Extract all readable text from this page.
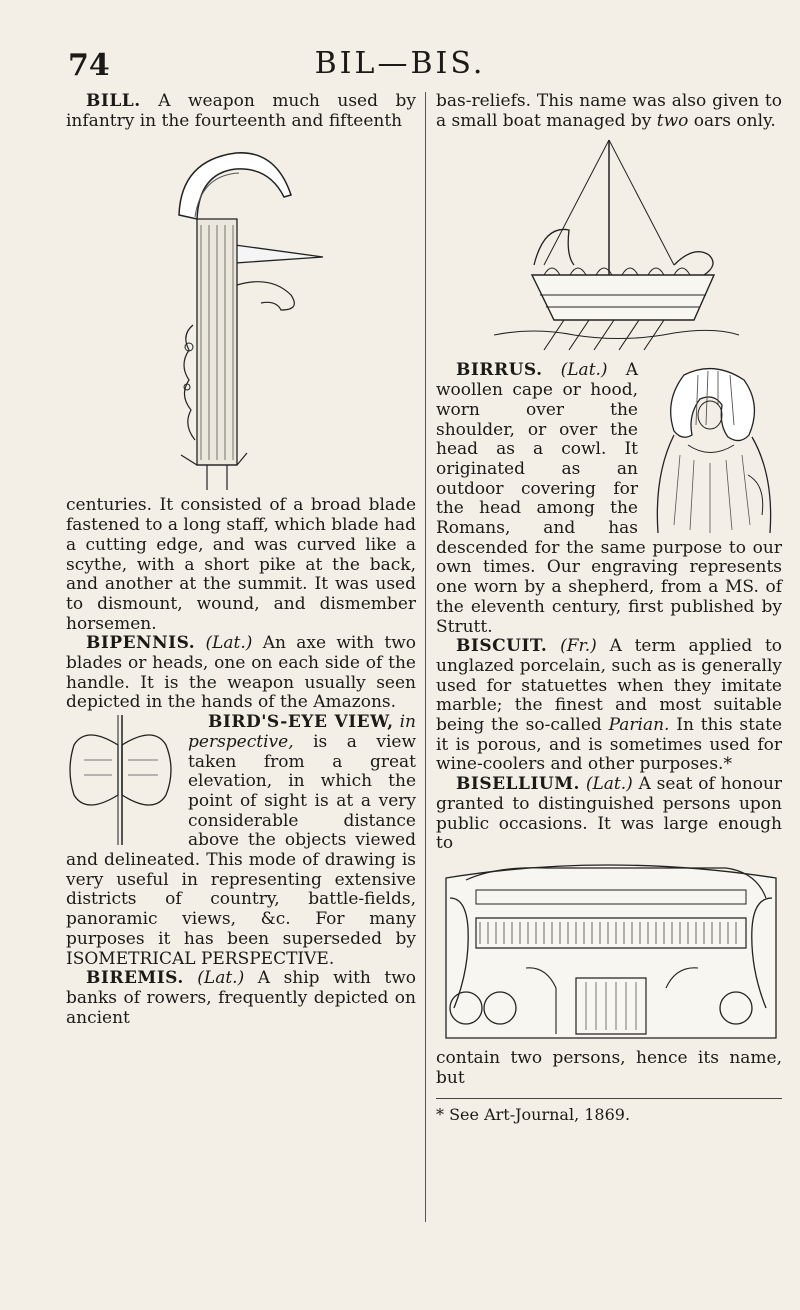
74	BIL—BIS.

BILL. A weapon much used by infantry in the fourteenth and fifteenth

centuries. It consisted of a broad blade fastened to a long staff, which blade had a cutting edge, and was curved like a scythe, with a short pike at the back, and another at the summit. It was used to dismount, wound, and dismember horsemen.

BIPENNIS. (Lat.) An axe with two blades or heads, one on each side of the handle. It is the weapon usually seen depicted in the hands of the Amazons.

BIRD'S-EYE VIEW, in perspective, is a view taken from a great elevation, in which the point of sight is at a very considerable distance above the objects viewed and delineated. This mode of drawing is very useful in representing extensive districts of country, battle-fields, panoramic views, &c. For many purposes it has been superseded by ISOMETRICAL PERSPECTIVE.

BIREMIS. (Lat.) A ship with two banks of rowers, frequently depicted on ancient

bas-reliefs. This name was also given to a small boat managed by two oars only.

BIRRUS. (Lat.) A woollen cape or hood, worn over the shoulder, or over the head as a cowl. It originated as an outdoor covering for the head among the Romans, and has descended for the same purpose to our own times. Our engraving represents one worn by a shepherd, from a MS. of the eleventh century, first published by Strutt.

BISCUIT. (Fr.) A term applied to unglazed porcelain, such as is generally used for statuettes when they imitate marble; the finest and most suitable being the so-called Parian. In this state it is porous, and is sometimes used for wine-coolers and other purposes.*

BISELLIUM. (Lat.) A seat of honour granted to distinguished persons upon public occasions. It was large enough to

contain two persons, hence its name, but

* See Art-Journal, 1869.
